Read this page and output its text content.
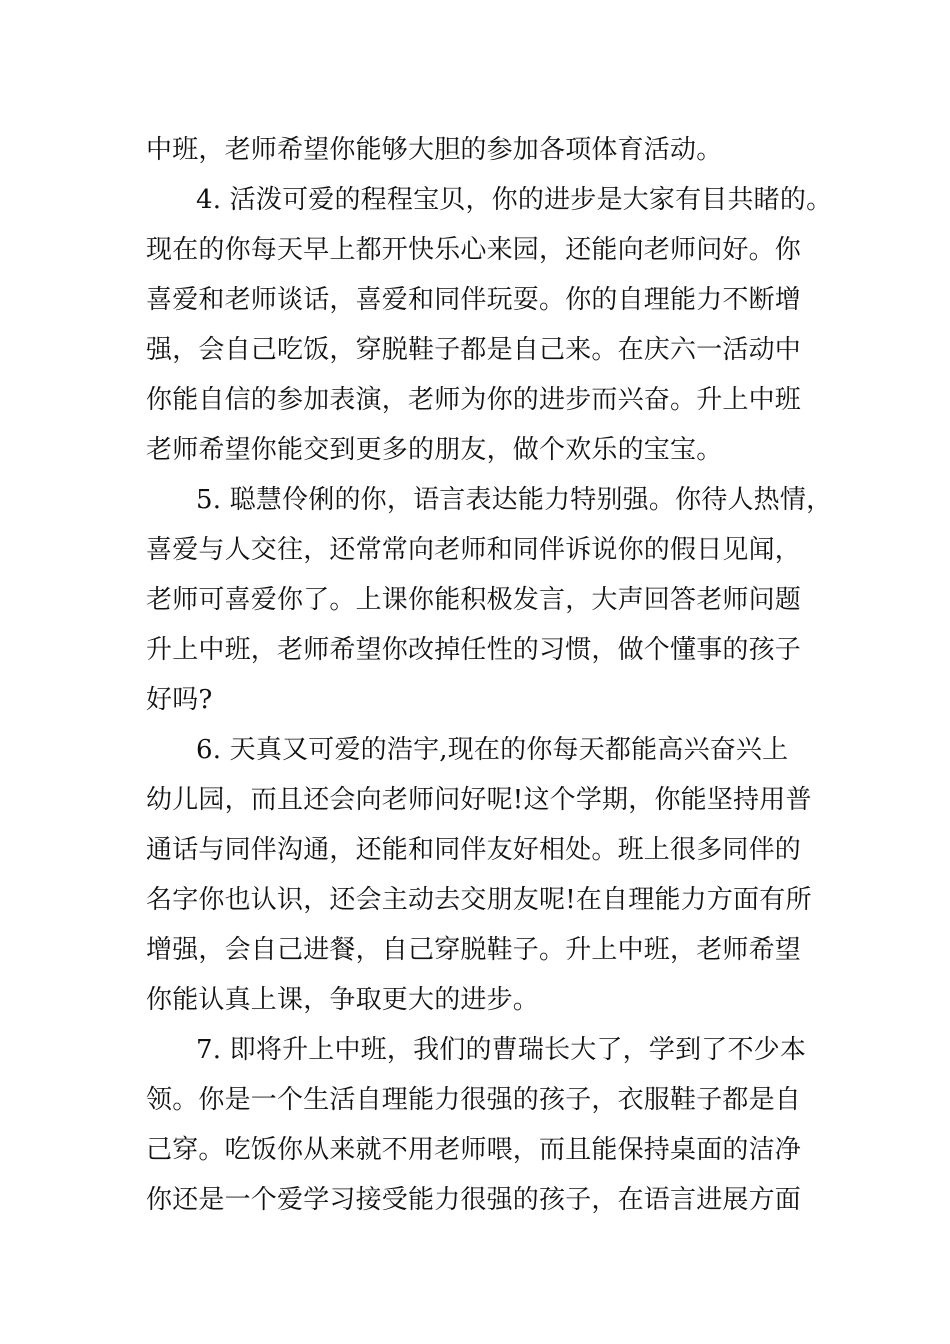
中班，老师希望你能够大胆的参加各项体育活动。
4. 活泼可爱的程程宝贝，你的进步是大家有目共睹的。
现在的你每天早上都开快乐心来园，还能向老师问好。你
喜爱和老师谈话，喜爱和同伴玩耍。你的自理能力不断增
强，会自己吃饭，穿脱鞋子都是自己来。在庆六一活动中
你能自信的参加表演，老师为你的进步而兴奋。升上中班
老师希望你能交到更多的朋友，做个欢乐的宝宝。
5. 聪慧伶俐的你，语言表达能力特别强。你待人热情，
喜爱与人交往，还常常向老师和同伴诉说你的假日见闻，
老师可喜爱你了。上课你能积极发言，大声回答老师问题
升上中班，老师希望你改掉任性的习惯，做个懂事的孩子
好吗?
6. 天真又可爱的浩宇,现在的你每天都能高兴奋兴上
幼儿园，而且还会向老师问好呢!这个学期，你能坚持用普
通话与同伴沟通，还能和同伴友好相处。班上很多同伴的
名字你也认识，还会主动去交朋友呢!在自理能力方面有所
增强，会自己进餐，自己穿脱鞋子。升上中班，老师希望
你能认真上课，争取更大的进步。
7. 即将升上中班，我们的曹瑞长大了，学到了不少本
领。你是一个生活自理能力很强的孩子，衣服鞋子都是自
己穿。吃饭你从来就不用老师喂，而且能保持桌面的洁净
你还是一个爱学习接受能力很强的孩子，在语言进展方面
